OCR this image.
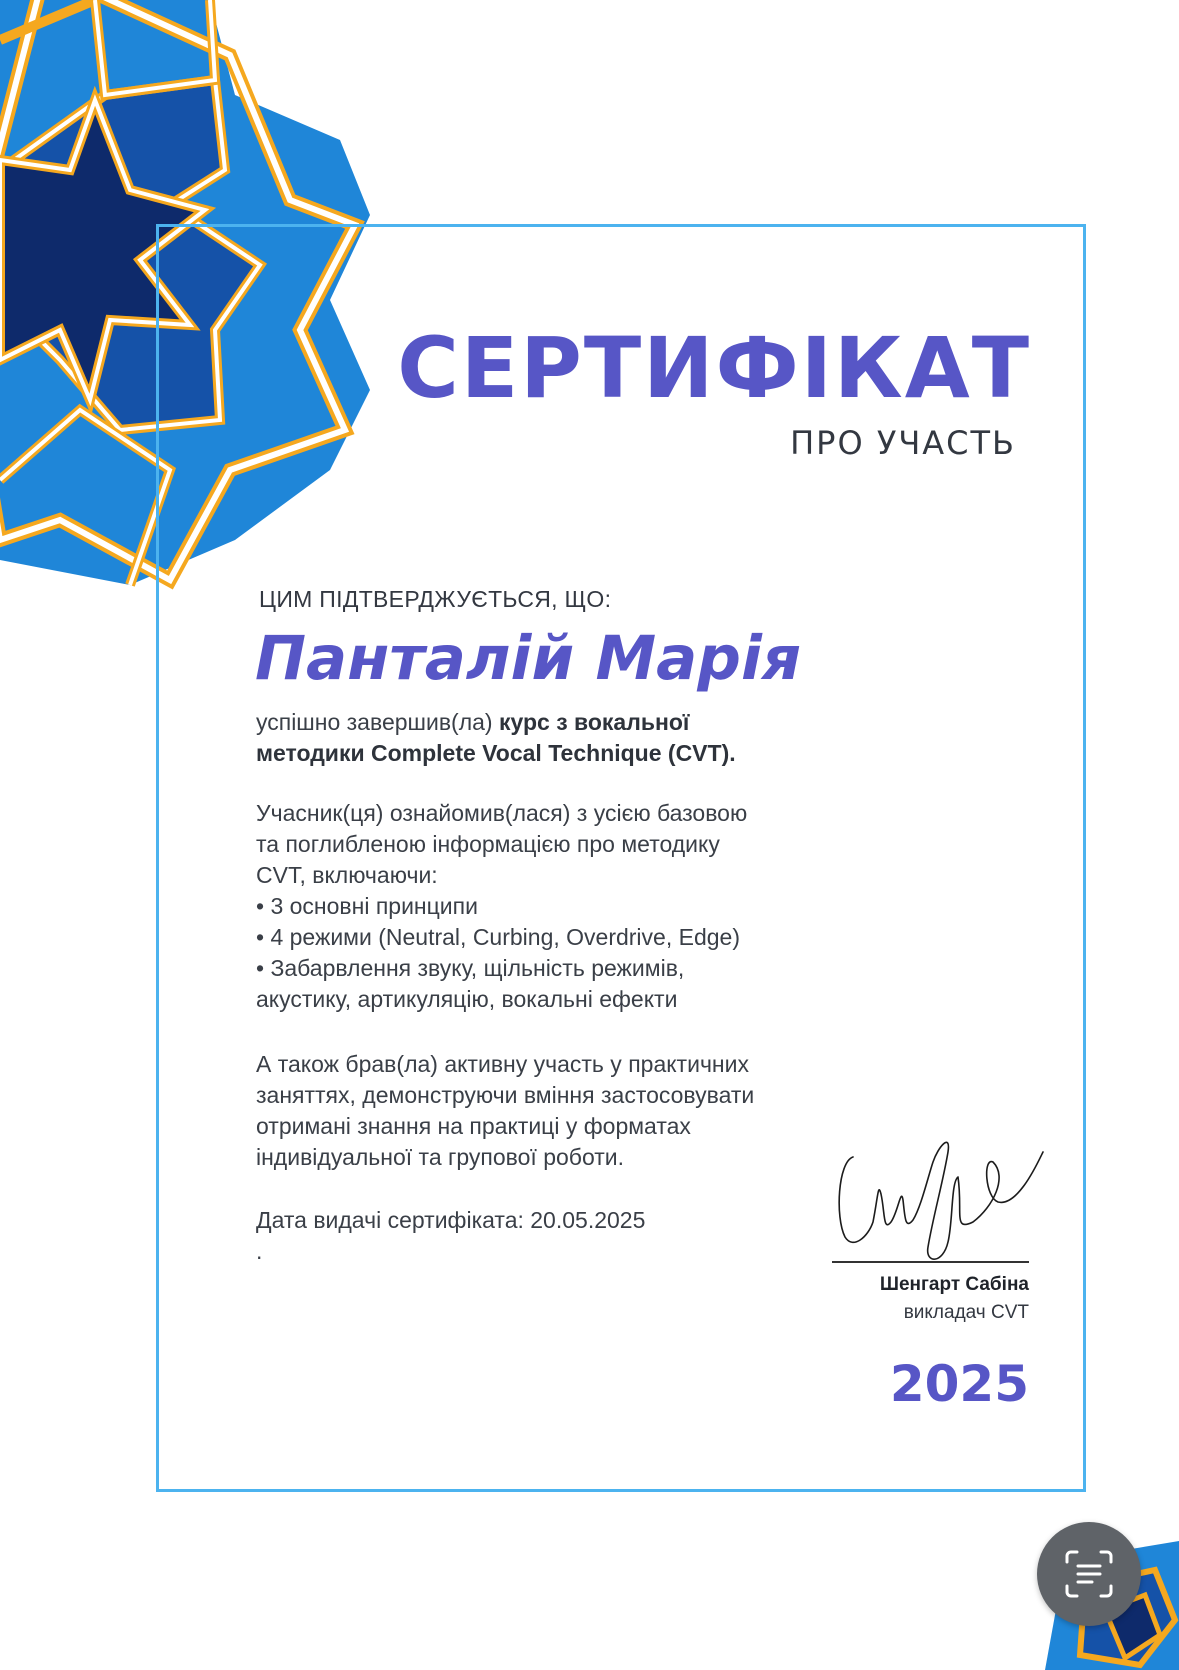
СЕРТИФІКАТ
ПРО УЧАСТЬ
ЦИМ ПІДТВЕРДЖУЄТЬСЯ, ЩО:
Панталій Марія
успішно завершив(ла) курс з вокальної
методики Complete Vocal Technique (CVT).
Учасник(ця) ознайомив(лася) з усією базовою
та поглибленою інформацією про методику
CVT, включаючи:
• 3 основні принципи
• 4 режими (Neutral, Curbing, Overdrive, Edge)
• Забарвлення звуку, щільність режимів,
акустику, артикуляцію, вокальні ефекти
А також брав(ла) активну участь у практичних
заняттях, демонструючи вміння застосовувати
отримані знання на практиці у форматах
індивідуальної та групової роботи.
Дата видачі сертифіката: 20.05.2025
.
Шенгарт Сабіна
викладач CVT
2025
